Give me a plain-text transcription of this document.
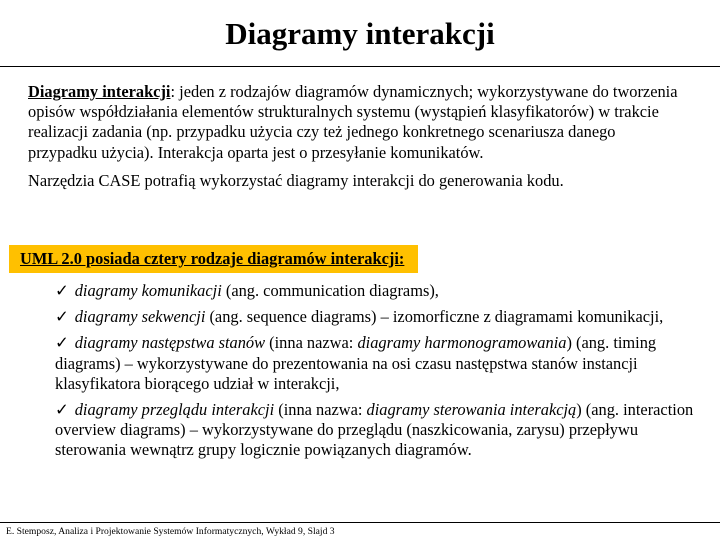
Diagramy interakcji

Diagramy interakcji: jeden z rodzajów diagramów dynamicznych; wykorzystywane do tworzenia opisów współdziałania elementów strukturalnych systemu (wystąpień klasyfikatorów) w trakcie realizacji zadania (np. przypadku użycia czy też jednego konkretnego scenariusza danego przypadku użycia). Interakcja oparta jest o przesyłanie komunikatów.

Narzędzia CASE potrafią wykorzystać diagramy interakcji do generowania kodu.

UML 2.0 posiada cztery rodzaje diagramów interakcji:
✓ diagramy komunikacji (ang. communication diagrams),
✓ diagramy sekwencji (ang. sequence diagrams) – izomorficzne z diagramami komunikacji,
✓ diagramy następstwa stanów (inna nazwa: diagramy harmonogramowania) (ang. timing diagrams) – wykorzystywane do prezentowania na osi czasu następstwa stanów instancji klasyfikatora biorącego udział w interakcji,
✓ diagramy przeglądu interakcji (inna nazwa: diagramy sterowania interakcją) (ang. interaction overview diagrams) – wykorzystywane do przeglądu (naszkicowania, zarysu) przepływu sterowania wewnątrz grupy logicznie powiązanych diagramów.
E. Stemposz, Analiza i Projektowanie Systemów Informatycznych, Wykład 9, Slajd 3
